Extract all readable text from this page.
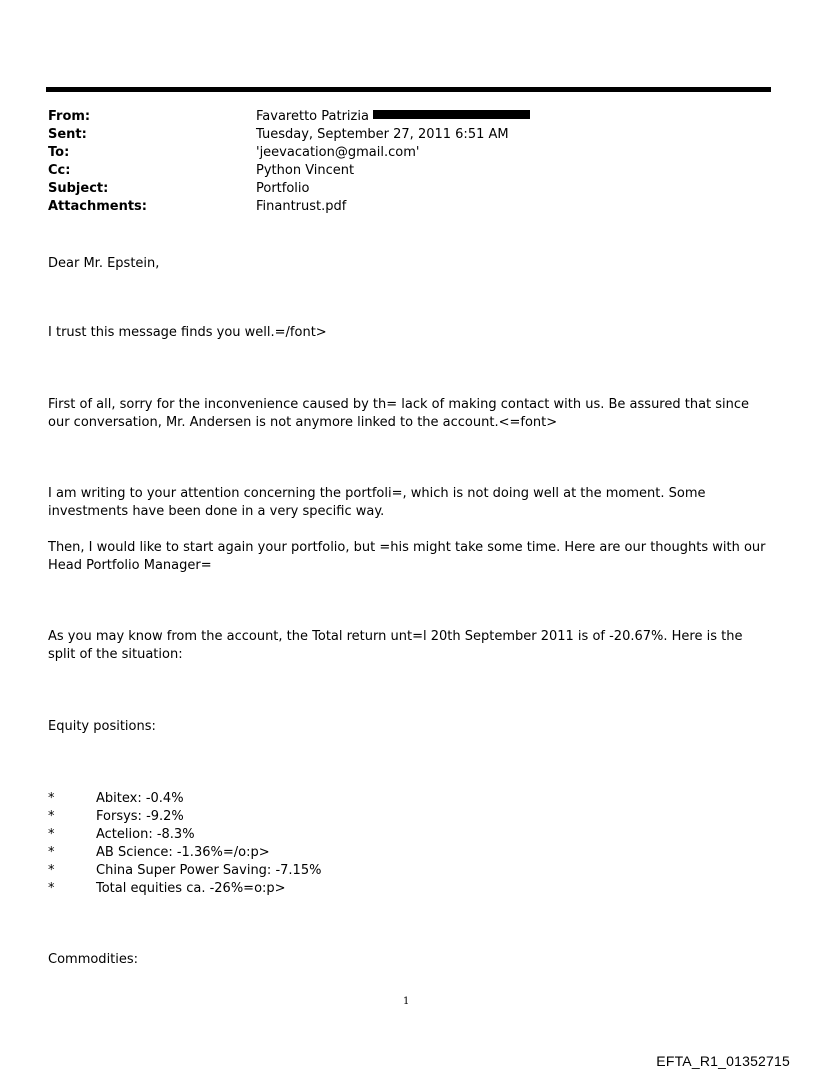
From:	Favaretto Patrizia
Sent:	Tuesday, September 27, 2011 6:51 AM
To:	'jeevacation@gmail.com'
Cc:	Python Vincent
Subject:	Portfolio
Attachments:	Finantrust.pdf

Dear Mr. Epstein,

I trust this message finds you well.=/font>

First of all, sorry for the inconvenience caused by th= lack of making contact with us. Be assured that since our conversation, Mr. Andersen is not anymore linked to the account.<=font>

I am writing to your attention concerning the portfoli=, which is not doing well at the moment. Some investments have been done in a very specific way.

Then, I would like to start again your portfolio, but =his might take some time. Here are our thoughts with our Head Portfolio Manager=

As you may know from the account, the Total return unt=l 20th September 2011 is of -20.67%. Here is the split of the situation:

Equity positions:

*	Abitex: -0.4%
*	Forsys: -9.2%
*	Actelion: -8.3%
*	AB Science: -1.36%=/o:p>
*	China Super Power Saving: -7.15%
*	Total equities ca. -26%=o:p>

Commodities:

1
EFTA_R1_01352715
